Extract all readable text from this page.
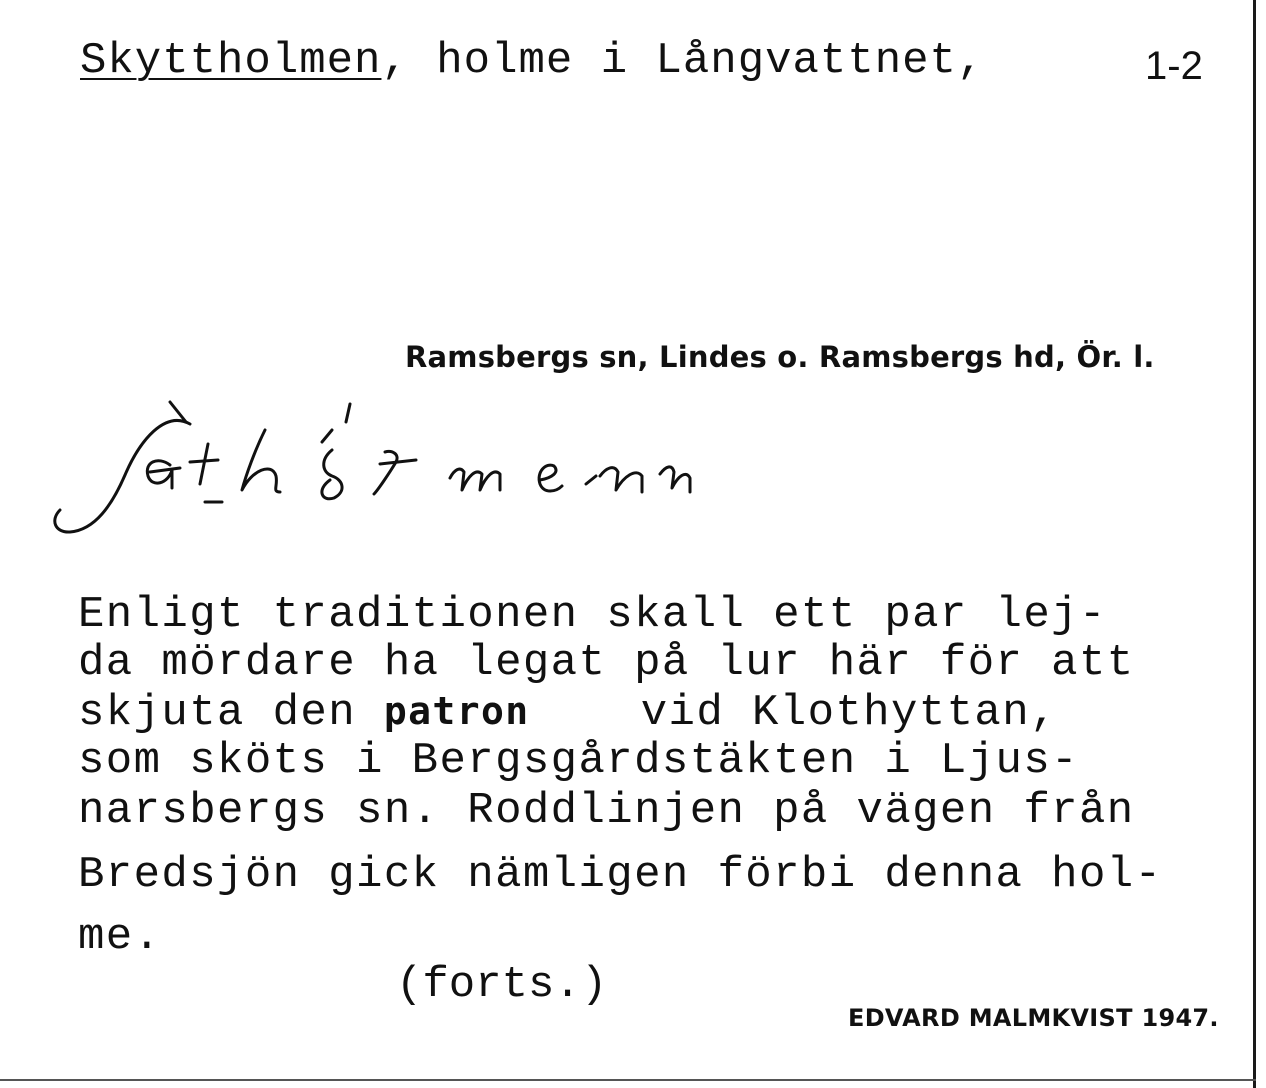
Skyttholmen, holme i Långvattnet,	1-2
Ramsbergs sn, Lindes o. Ramsbergs hd, Ör. l.
Enligt traditionen skall ett par lej-
da mördare ha legat på lur här för att
skjuta den patron	vid Klothyttan,
som sköts i Bergsgårdstäkten i Ljus-
narsbergs sn. Roddlinjen på vägen från
Bredsjön gick nämligen förbi denna hol-
me.
(forts.)
EDVARD MALMKVIST 1947.
